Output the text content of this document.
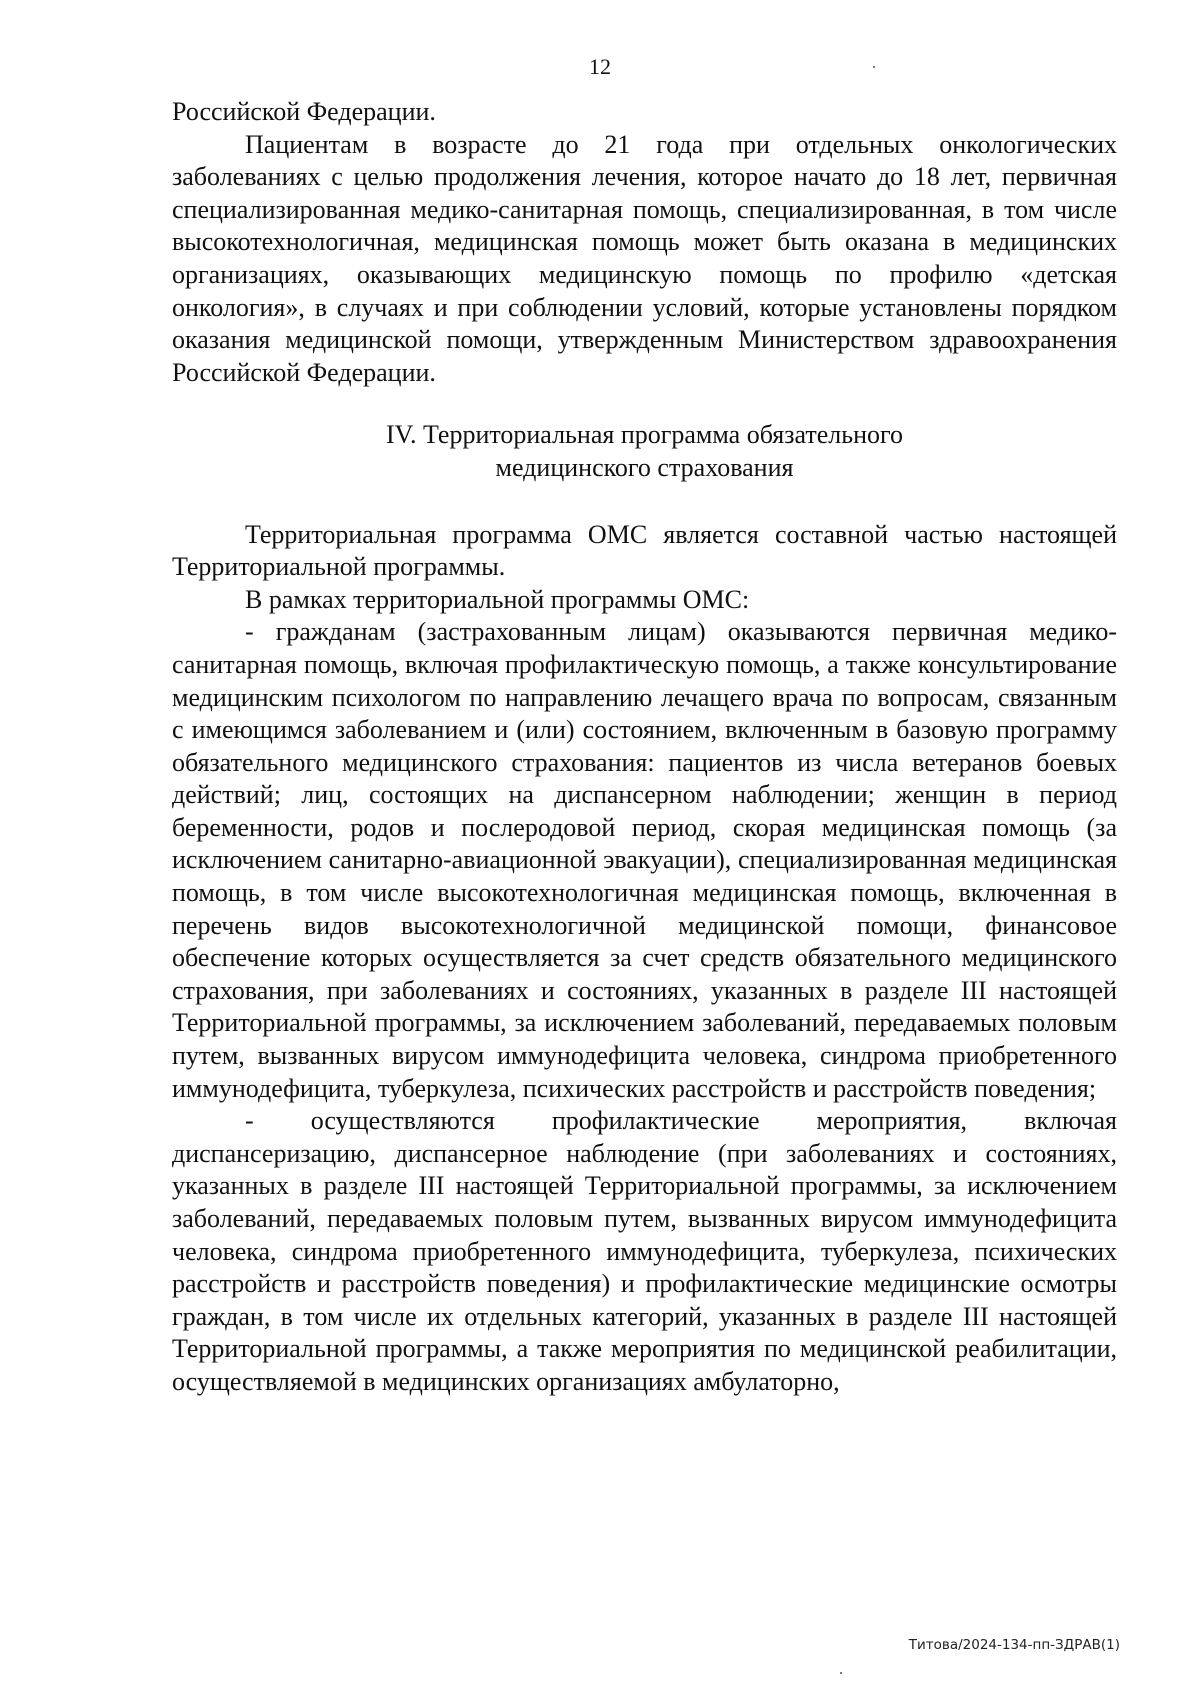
12

Российской Федерации.

Пациентам в возрасте до 21 года при отдельных онкологических заболеваниях с целью продолжения лечения, которое начато до 18 лет, первичная специализированная медико-санитарная помощь, специализированная, в том числе высокотехнологичная, медицинская помощь может быть оказана в медицинских организациях, оказывающих медицинскую помощь по профилю «детская онкология», в случаях и при соблюдении условий, которые установлены порядком оказания медицинской помощи, утвержденным Министерством здравоохранения Российской Федерации.

IV. Территориальная программа обязательного
медицинского страхования

Территориальная программа ОМС является составной частью настоящей Территориальной программы.

В рамках территориальной программы ОМС:

- гражданам (застрахованным лицам) оказываются первичная медико-санитарная помощь, включая профилактическую помощь, а также консультирование медицинским психологом по направлению лечащего врача по вопросам, связанным с имеющимся заболеванием и (или) состоянием, включенным в базовую программу обязательного медицинского страхования: пациентов из числа ветеранов боевых действий; лиц, состоящих на диспансерном наблюдении; женщин в период беременности, родов и послеродовой период, скорая медицинская помощь (за исключением санитарно-авиационной эвакуации), специализированная медицинская помощь, в том числе высокотехнологичная медицинская помощь, включенная в перечень видов высокотехнологичной медицинской помощи, финансовое обеспечение которых осуществляется за счет средств обязательного медицинского страхования, при заболеваниях и состояниях, указанных в разделе III настоящей Территориальной программы, за исключением заболеваний, передаваемых половым путем, вызванных вирусом иммунодефицита человека, синдрома приобретенного иммунодефицита, туберкулеза, психических расстройств и расстройств поведения;

- осуществляются профилактические мероприятия, включая диспансеризацию, диспансерное наблюдение (при заболеваниях и состояниях, указанных в разделе III настоящей Территориальной программы, за исключением заболеваний, передаваемых половым путем, вызванных вирусом иммунодефицита человека, синдрома приобретенного иммунодефицита, туберкулеза, психических расстройств и расстройств поведения) и профилактические медицинские осмотры граждан, в том числе их отдельных категорий, указанных в разделе III настоящей Территориальной программы, а также мероприятия по медицинской реабилитации, осуществляемой в медицинских организациях амбулаторно,

Титова/2024-134-пп-ЗДРАВ(1)
